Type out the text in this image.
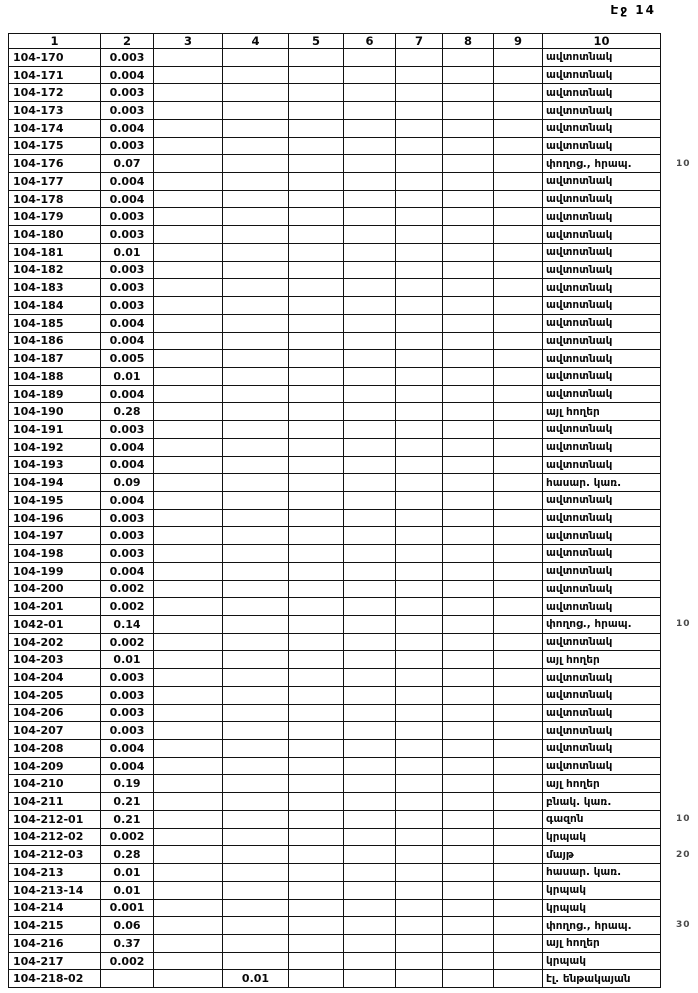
Էջ 14
1	2	3	4	5	6	7	8	9	10
104-170	0.003								ավտոտնակ
104-171	0.004								ավտոտնակ
104-172	0.003								ավտոտնակ
104-173	0.003								ավտոտնակ
104-174	0.004								ավտոտնակ
104-175	0.003								ավտոտնակ
104-176	0.07								փողոց., հրապ.
104-177	0.004								ավտոտնակ
104-178	0.004								ավտոտնակ
104-179	0.003								ավտոտնակ
104-180	0.003								ավտոտնակ
104-181	0.01								ավտոտնակ
104-182	0.003								ավտոտնակ
104-183	0.003								ավտոտնակ
104-184	0.003								ավտոտնակ
104-185	0.004								ավտոտնակ
104-186	0.004								ավտոտնակ
104-187	0.005								ավտոտնակ
104-188	0.01								ավտոտնակ
104-189	0.004								ավտոտնակ
104-190	0.28								այլ հողեր
104-191	0.003								ավտոտնակ
104-192	0.004								ավտոտնակ
104-193	0.004								ավտոտնակ
104-194	0.09								հասար. կառ.
104-195	0.004								ավտոտնակ
104-196	0.003								ավտոտնակ
104-197	0.003								ավտոտնակ
104-198	0.003								ավտոտնակ
104-199	0.004								ավտոտնակ
104-200	0.002								ավտոտնակ
104-201	0.002								ավտոտնակ
1042-01	0.14								փողոց., հրապ.
104-202	0.002								ավտոտնակ
104-203	0.01								այլ հողեր
104-204	0.003								ավտոտնակ
104-205	0.003								ավտոտնակ
104-206	0.003								ավտոտնակ
104-207	0.003								ավտոտնակ
104-208	0.004								ավտոտնակ
104-209	0.004								ավտոտնակ
104-210	0.19								այլ հողեր
104-211	0.21								բնակ. կառ.
104-212-01	0.21								գազոն
104-212-02	0.002								կրպակ
104-212-03	0.28								մայթ
104-213	0.01								հասար. կառ.
104-213-14	0.01								կրպակ
104-214	0.001								կրպակ
104-215	0.06								փողոց., հրապ.
104-216	0.37								այլ հողեր
104-217	0.002								կրպակ
104-218-02			0.01						էլ. ենթակայան
10
10
10
20
30
